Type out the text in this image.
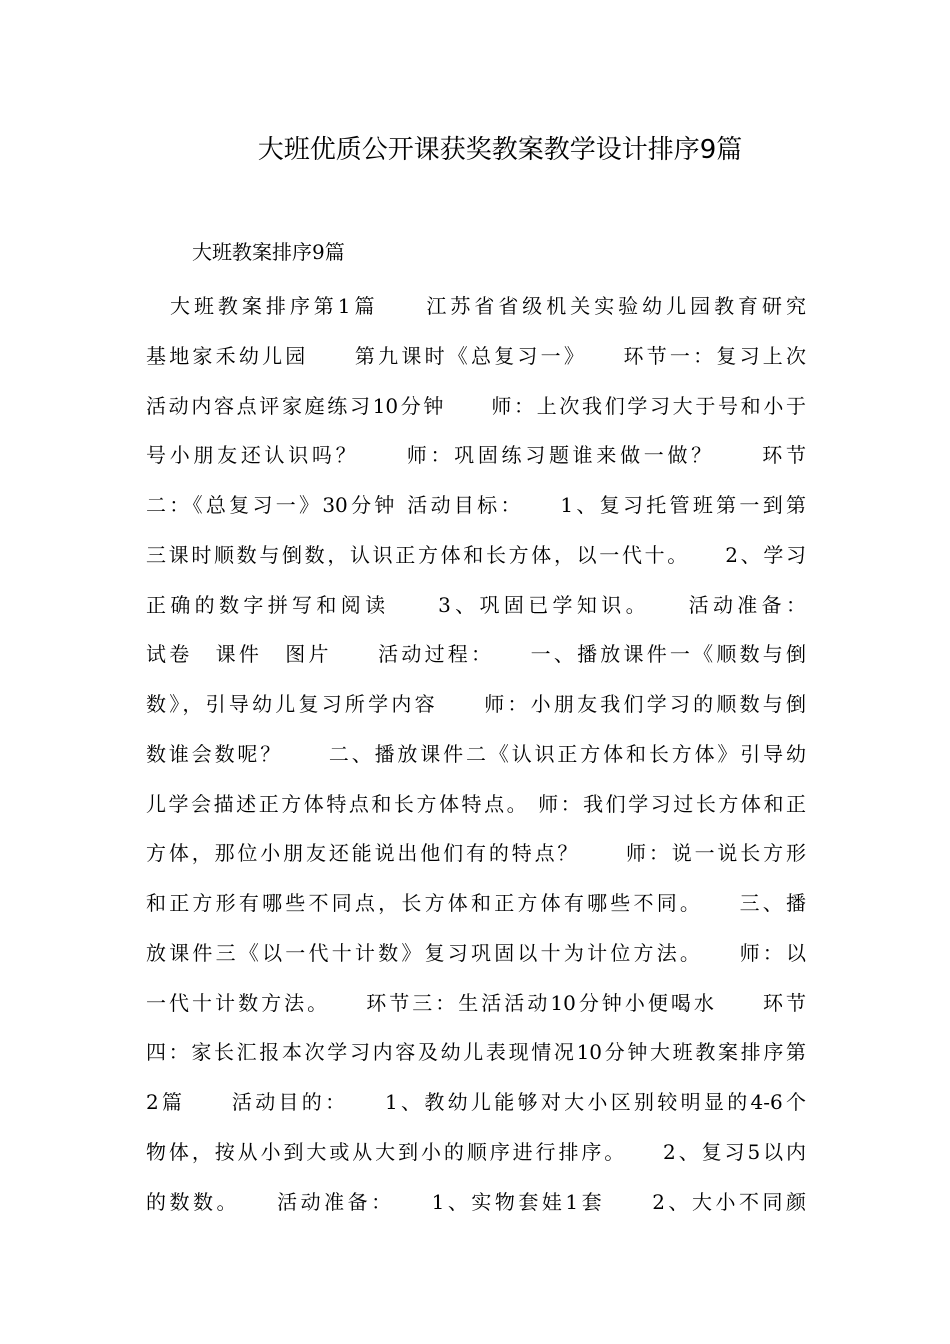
大班优质公开课获奖教案教学设计排序9篇

大班教案排序9篇

　大班教案排序第1篇　　江苏省省级机关实验幼儿园教育研究
基地家禾幼儿园　　第九课时《总复习一》　　环节一：复习上次
活动内容点评家庭练习10分钟　　师：上次我们学习大于号和小于
号小朋友还认识吗？　　师：巩固练习题谁来做一做？　　环节
二：《总复习一》30分钟 活动目标：　　1、复习托管班第一到第
三课时顺数与倒数，认识正方体和长方体，以一代十。　　2、学习
正确的数字拼写和阅读　　3、巩固已学知识。　　活动准备：
试卷　课件　图片　　活动过程：　　一、播放课件一《顺数与倒
数》，引导幼儿复习所学内容　　师：小朋友我们学习的顺数与倒
数谁会数呢？　　二、播放课件二《认识正方体和长方体》引导幼
儿学会描述正方体特点和长方体特点。 师：我们学习过长方体和正
方体，那位小朋友还能说出他们有的特点？　　师：说一说长方形
和正方形有哪些不同点，长方体和正方体有哪些不同。　　三、播
放课件三《以一代十计数》复习巩固以十为计位方法。　　师：以
一代十计数方法。　　环节三：生活活动10分钟小便喝水　　环节
四：家长汇报本次学习内容及幼儿表现情况10分钟大班教案排序第
2篇　　活动目的：　　1、教幼儿能够对大小区别较明显的4-6个
物体，按从小到大或从大到小的顺序进行排序。　　2、复习5以内
的数数。　　活动准备：　　1、实物套娃1套　　2、大小不同颜
